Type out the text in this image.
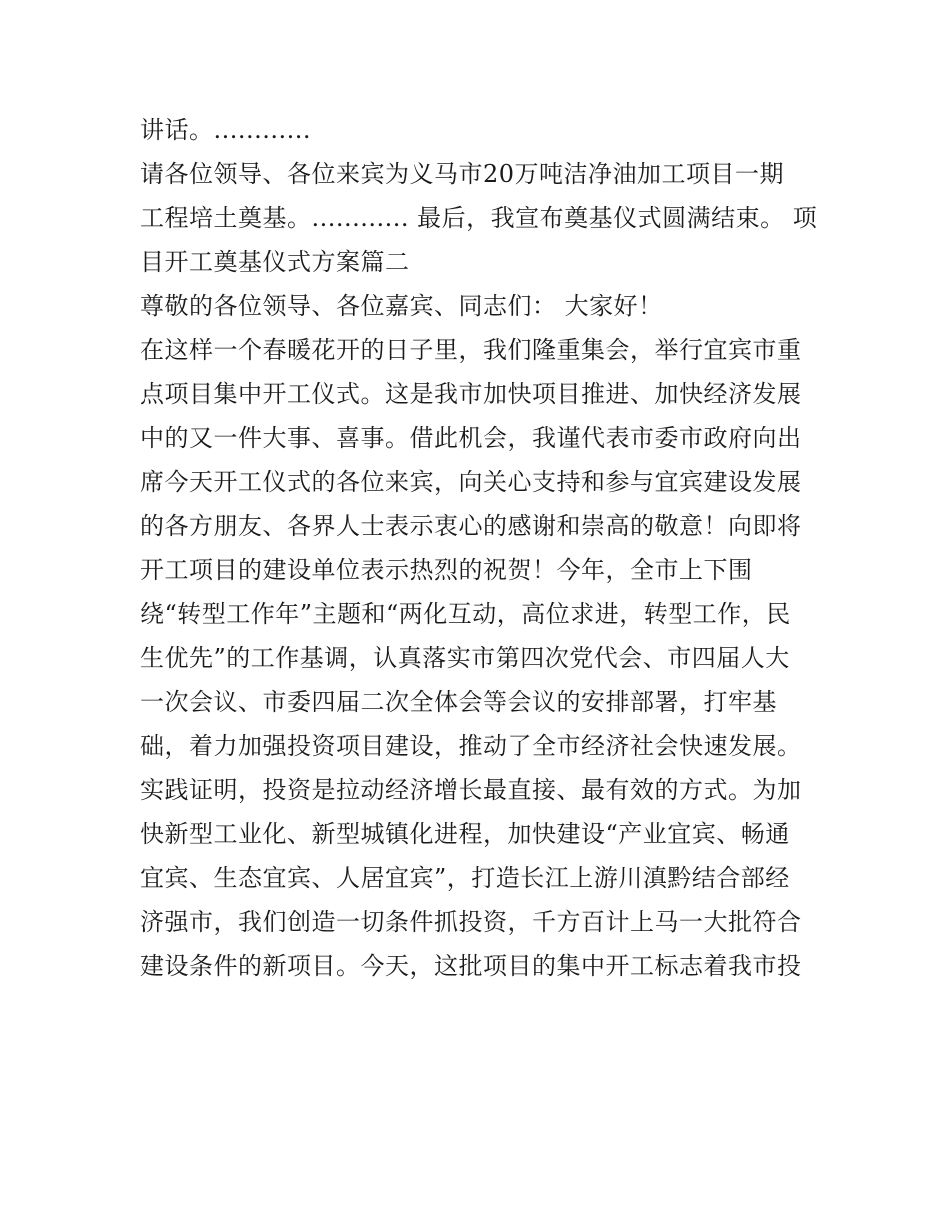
讲话。............
请各位领导、各位来宾为义马市20万吨洁净油加工项目一期
工程培土奠基。............ 最后，我宣布奠基仪式圆满结束。 项
目开工奠基仪式方案篇二
尊敬的各位领导、各位嘉宾、同志们： 大家好！
在这样一个春暖花开的日子里，我们隆重集会，举行宜宾市重
点项目集中开工仪式。这是我市加快项目推进、加快经济发展
中的又一件大事、喜事。借此机会，我谨代表市委市政府向出
席今天开工仪式的各位来宾，向关心支持和参与宜宾建设发展
的各方朋友、各界人士表示衷心的感谢和崇高的敬意！向即将
开工项目的建设单位表示热烈的祝贺！今年，全市上下围
绕“转型工作年”主题和“两化互动，高位求进，转型工作，民
生优先”的工作基调，认真落实市第四次党代会、市四届人大
一次会议、市委四届二次全体会等会议的安排部署，打牢基
础，着力加强投资项目建设，推动了全市经济社会快速发展。
实践证明，投资是拉动经济增长最直接、最有效的方式。为加
快新型工业化、新型城镇化进程，加快建设“产业宜宾、畅通
宜宾、生态宜宾、人居宜宾”，打造长江上游川滇黔结合部经
济强市，我们创造一切条件抓投资，千方百计上马一大批符合
建设条件的新项目。今天，这批项目的集中开工标志着我市投
